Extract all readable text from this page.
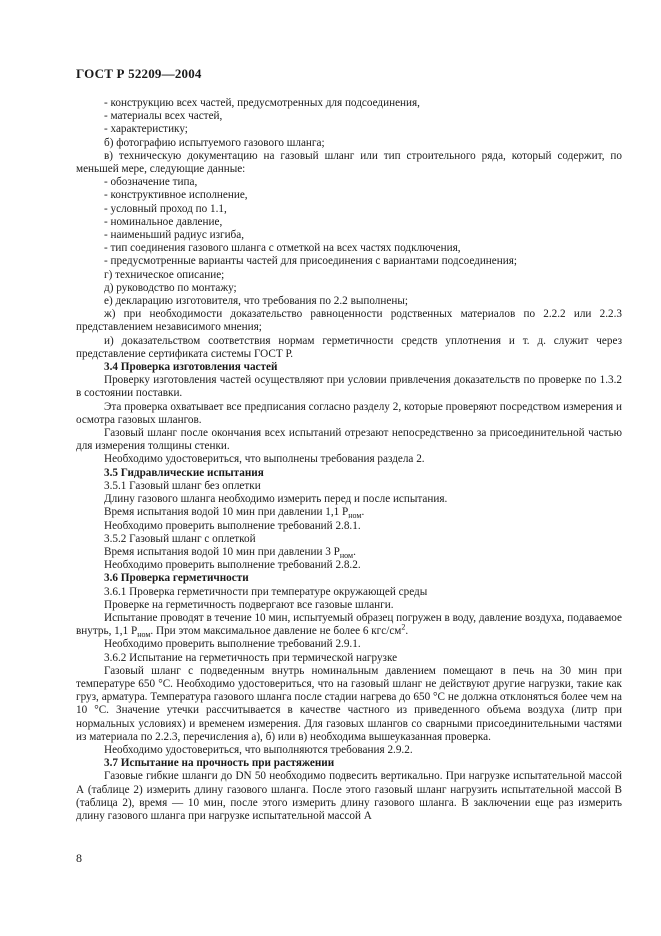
ГОСТ Р 52209—2004

- конструкцию всех частей, предусмотренных для подсоединения,

- материалы всех частей,

- характеристику;

б) фотографию испытуемого газового шланга;

в) техническую документацию на газовый шланг или тип строительного ряда, который содержит, по меньшей мере, следующие данные:

- обозначение типа,

- конструктивное исполнение,

- условный проход по 1.1,

- номинальное давление,

- наименьший радиус изгиба,

- тип соединения газового шланга с отметкой на всех частях подключения,

- предусмотренные варианты частей для присоединения с вариантами подсоединения;

г) техническое описание;

д) руководство по монтажу;

е) декларацию изготовителя, что требования по 2.2 выполнены;

ж) при необходимости доказательство равноценности родственных материалов по 2.2.2 или 2.2.3 представлением независимого мнения;

и) доказательством соответствия нормам герметичности средств уплотнения и т. д. служит через представление сертификата системы ГОСТ Р.

3.4 Проверка изготовления частей

Проверку изготовления частей осуществляют при условии привлечения доказательств по проверке по 1.3.2 в состоянии поставки.

Эта проверка охватывает все предписания согласно разделу 2, которые проверяют посредством измерения и осмотра газовых шлангов.

Газовый шланг после окончания всех испытаний отрезают непосредственно за присоединительной частью для измерения толщины стенки.

Необходимо удостовериться, что выполнены требования раздела 2.

3.5 Гидравлические испытания

3.5.1 Газовый шланг без оплетки

Длину газового шланга необходимо измерить перед и после испытания.

Время испытания водой 10 мин при давлении 1,1 $P_{ном}$.

Необходимо проверить выполнение требований 2.8.1.

3.5.2 Газовый шланг с оплеткой

Время испытания водой 10 мин при давлении 3 $P_{ном}$.

Необходимо проверить выполнение требований 2.8.2.

3.6 Проверка герметичности

3.6.1 Проверка герметичности при температуре окружающей среды

Проверке на герметичность подвергают все газовые шланги.

Испытание проводят в течение 10 мин, испытуемый образец погружен в воду, давление воздуха, подаваемое внутрь, 1,1 $P_{ном}$. При этом максимальное давление не более 6 кгс/$см^2$.

Необходимо проверить выполнение требований 2.9.1.

3.6.2 Испытание на герметичность при термической нагрузке

Газовый шланг с подведенным внутрь номинальным давлением помещают в печь на 30 мин при температуре 650 °С. Необходимо удостовериться, что на газовый шланг не действуют другие нагрузки, такие как груз, арматура. Температура газового шланга после стадии нагрева до 650 °С не должна отклоняться более чем на 10 °С. Значение утечки рассчитывается в качестве частного из приведенного объема воздуха (литр при нормальных условиях) и временем измерения. Для газовых шлангов со сварными присоединительными частями из материала по 2.2.3, перечисления а), б) или в) необходима вышеуказанная проверка.

Необходимо удостовериться, что выполняются требования 2.9.2.

3.7 Испытание на прочность при растяжении

Газовые гибкие шланги до DN 50 необходимо подвесить вертикально. При нагрузке испытательной массой А (таблице 2) измерить длину газового шланга. После этого газовый шланг нагрузить испытательной массой В (таблица 2), время — 10 мин, после этого измерить длину газового шланга. В заключении еще раз измерить длину газового шланга при нагрузке испытательной массой А

8
